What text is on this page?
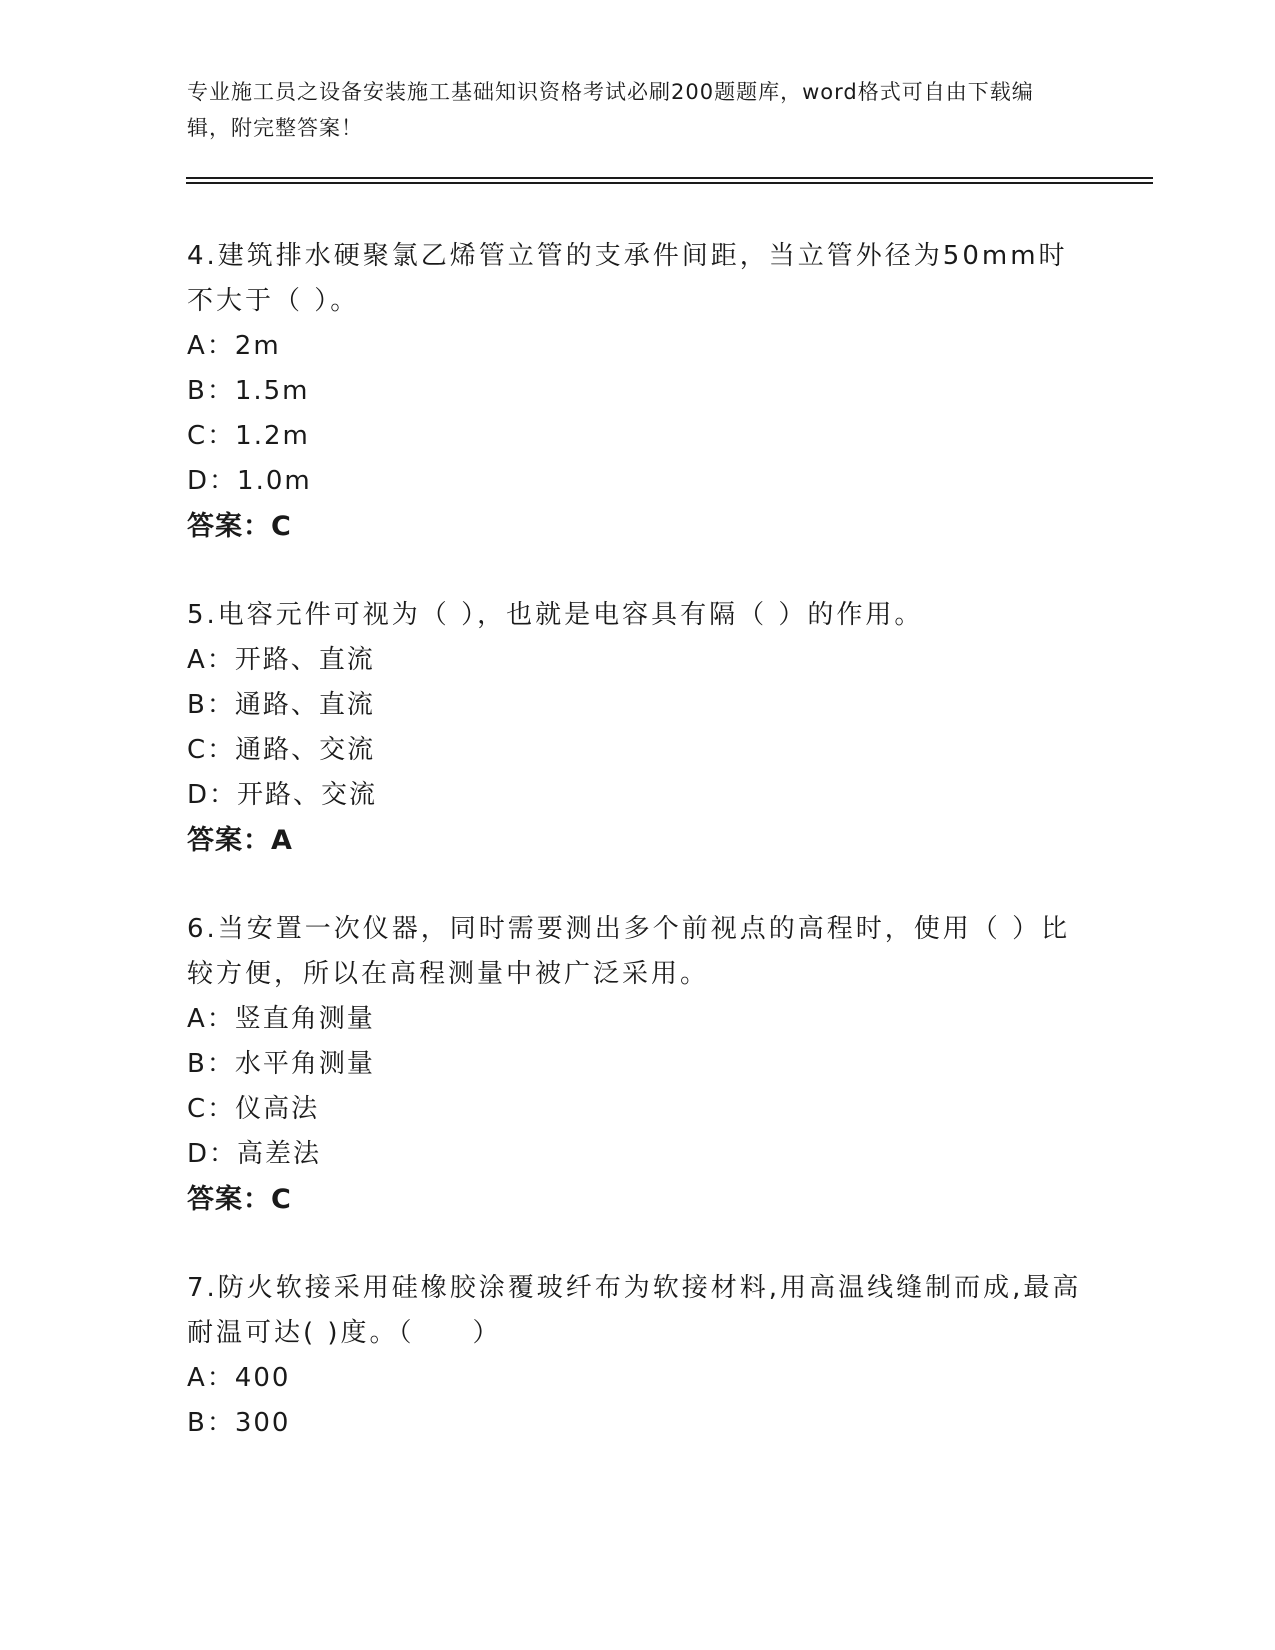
专业施工员之设备安装施工基础知识资格考试必刷200题题库，word格式可自由下载编辑，附完整答案！

4.建筑排水硬聚氯乙烯管立管的支承件间距，当立管外径为50mm时不大于（ ）。

A：2m
B：1.5m
C：1.2m
D：1.0m
答案：C

5.电容元件可视为（ ），也就是电容具有隔（ ）的作用。

A：开路、直流
B：通路、直流
C：通路、交流
D：开路、交流
答案：A

6.当安置一次仪器，同时需要测出多个前视点的高程时，使用（ ）比较方便，所以在高程测量中被广泛采用。

A：竖直角测量
B：水平角测量
C：仪高法
D：高差法
答案：C

7.防火软接采用硅橡胶涂覆玻纤布为软接材料,用高温线缝制而成,最高耐温可达( )度。（　　）

A：400
B：300
